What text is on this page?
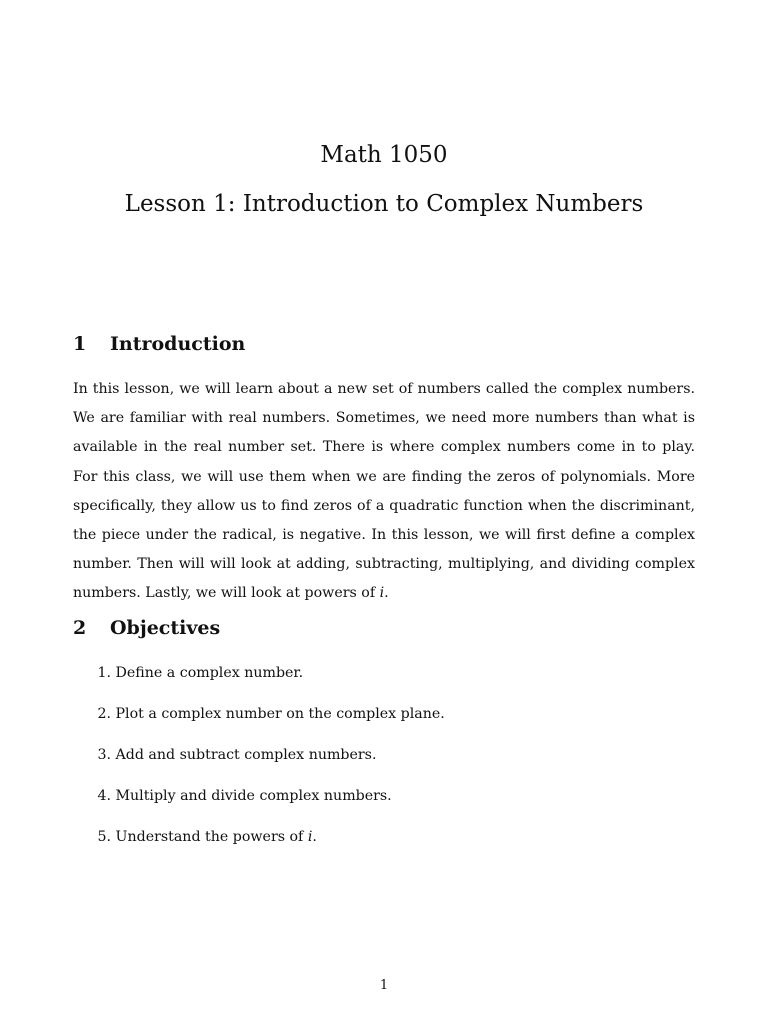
Math 1050
Lesson 1: Introduction to Complex Numbers
1	Introduction

In this lesson, we will learn about a new set of numbers called the complex numbers. We are familiar with real numbers. Sometimes, we need more numbers than what is available in the real number set. There is where complex numbers come in to play. For this class, we will use them when we are finding the zeros of polynomials. More specifically, they allow us to find zeros of a quadratic function when the discriminant, the piece under the radical, is negative. In this lesson, we will first define a complex number. Then will will look at adding, subtracting, multiplying, and dividing complex numbers. Lastly, we will look at powers of i.

2	Objectives
1. Define a complex number.
2. Plot a complex number on the complex plane.
3. Add and subtract complex numbers.
4. Multiply and divide complex numbers.
5. Understand the powers of i.
1
